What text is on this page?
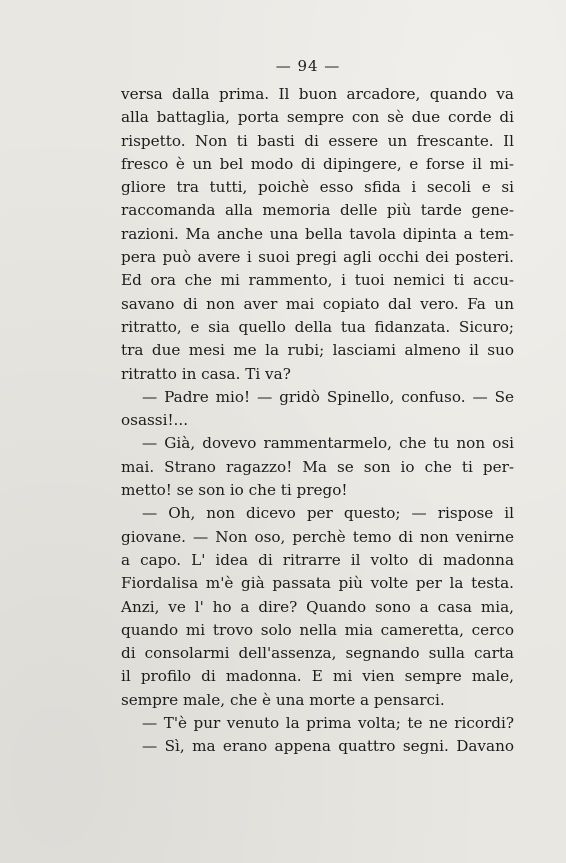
— 94 —
versa dalla prima. Il buon arcadore, quando va
alla battaglia, porta sempre con sè due corde di
rispetto. Non ti basti di essere un frescante. Il
fresco è un bel modo di dipingere, e forse il mi-
gliore tra tutti, poichè esso sfida i secoli e si
raccomanda alla memoria delle più tarde gene-
razioni. Ma anche una bella tavola dipinta a tem-
pera può avere i suoi pregi agli occhi dei posteri.
Ed ora che mi rammento, i tuoi nemici ti accu-
savano di non aver mai copiato dal vero. Fa un
ritratto, e sia quello della tua fidanzata. Sicuro;
tra due mesi me la rubi; lasciami almeno il suo
ritratto in casa. Ti va?
— Padre mio! — gridò Spinello, confuso. — Se
osassi!...
— Già, dovevo rammentarmelo, che tu non osi
mai. Strano ragazzo! Ma se son io che ti per-
metto! se son io che ti prego!
— Oh, non dicevo per questo; — rispose il
giovane. — Non oso, perchè temo di non venirne
a capo. L' idea di ritrarre il volto di madonna
Fiordalisa m'è già passata più volte per la testa.
Anzi, ve l' ho a dire? Quando sono a casa mia,
quando mi trovo solo nella mia cameretta, cerco
di consolarmi dell'assenza, segnando sulla carta
il profilo di madonna. E mi vien sempre male,
sempre male, che è una morte a pensarci.
— T'è pur venuto la prima volta; te ne ricordi?
— Sì, ma erano appena quattro segni. Davano
